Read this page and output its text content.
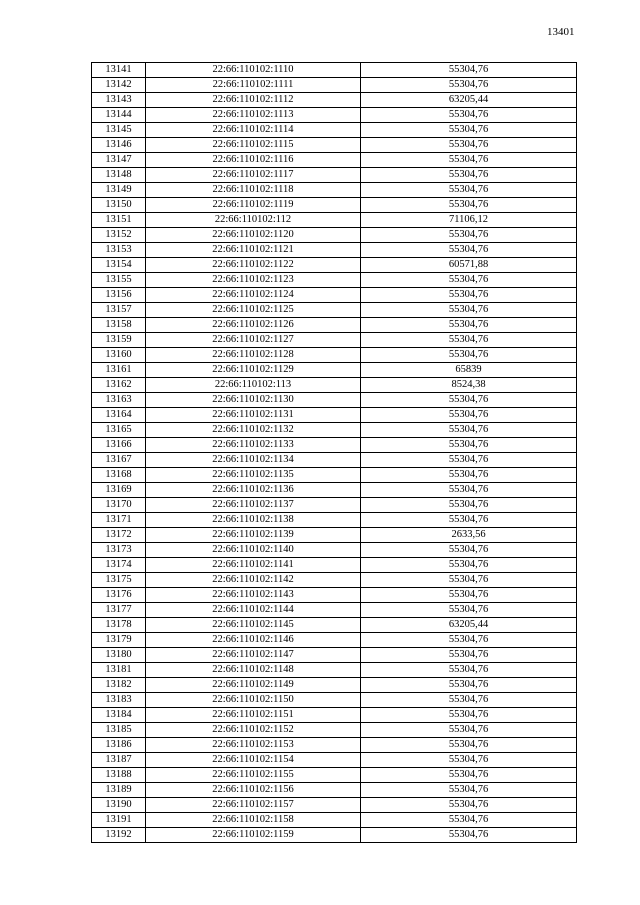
13401
13141	22:66:110102:1110	55304,76
13142	22:66:110102:1111	55304,76
13143	22:66:110102:1112	63205,44
13144	22:66:110102:1113	55304,76
13145	22:66:110102:1114	55304,76
13146	22:66:110102:1115	55304,76
13147	22:66:110102:1116	55304,76
13148	22:66:110102:1117	55304,76
13149	22:66:110102:1118	55304,76
13150	22:66:110102:1119	55304,76
13151	22:66:110102:112	71106,12
13152	22:66:110102:1120	55304,76
13153	22:66:110102:1121	55304,76
13154	22:66:110102:1122	60571,88
13155	22:66:110102:1123	55304,76
13156	22:66:110102:1124	55304,76
13157	22:66:110102:1125	55304,76
13158	22:66:110102:1126	55304,76
13159	22:66:110102:1127	55304,76
13160	22:66:110102:1128	55304,76
13161	22:66:110102:1129	65839
13162	22:66:110102:113	8524,38
13163	22:66:110102:1130	55304,76
13164	22:66:110102:1131	55304,76
13165	22:66:110102:1132	55304,76
13166	22:66:110102:1133	55304,76
13167	22:66:110102:1134	55304,76
13168	22:66:110102:1135	55304,76
13169	22:66:110102:1136	55304,76
13170	22:66:110102:1137	55304,76
13171	22:66:110102:1138	55304,76
13172	22:66:110102:1139	2633,56
13173	22:66:110102:1140	55304,76
13174	22:66:110102:1141	55304,76
13175	22:66:110102:1142	55304,76
13176	22:66:110102:1143	55304,76
13177	22:66:110102:1144	55304,76
13178	22:66:110102:1145	63205,44
13179	22:66:110102:1146	55304,76
13180	22:66:110102:1147	55304,76
13181	22:66:110102:1148	55304,76
13182	22:66:110102:1149	55304,76
13183	22:66:110102:1150	55304,76
13184	22:66:110102:1151	55304,76
13185	22:66:110102:1152	55304,76
13186	22:66:110102:1153	55304,76
13187	22:66:110102:1154	55304,76
13188	22:66:110102:1155	55304,76
13189	22:66:110102:1156	55304,76
13190	22:66:110102:1157	55304,76
13191	22:66:110102:1158	55304,76
13192	22:66:110102:1159	55304,76
